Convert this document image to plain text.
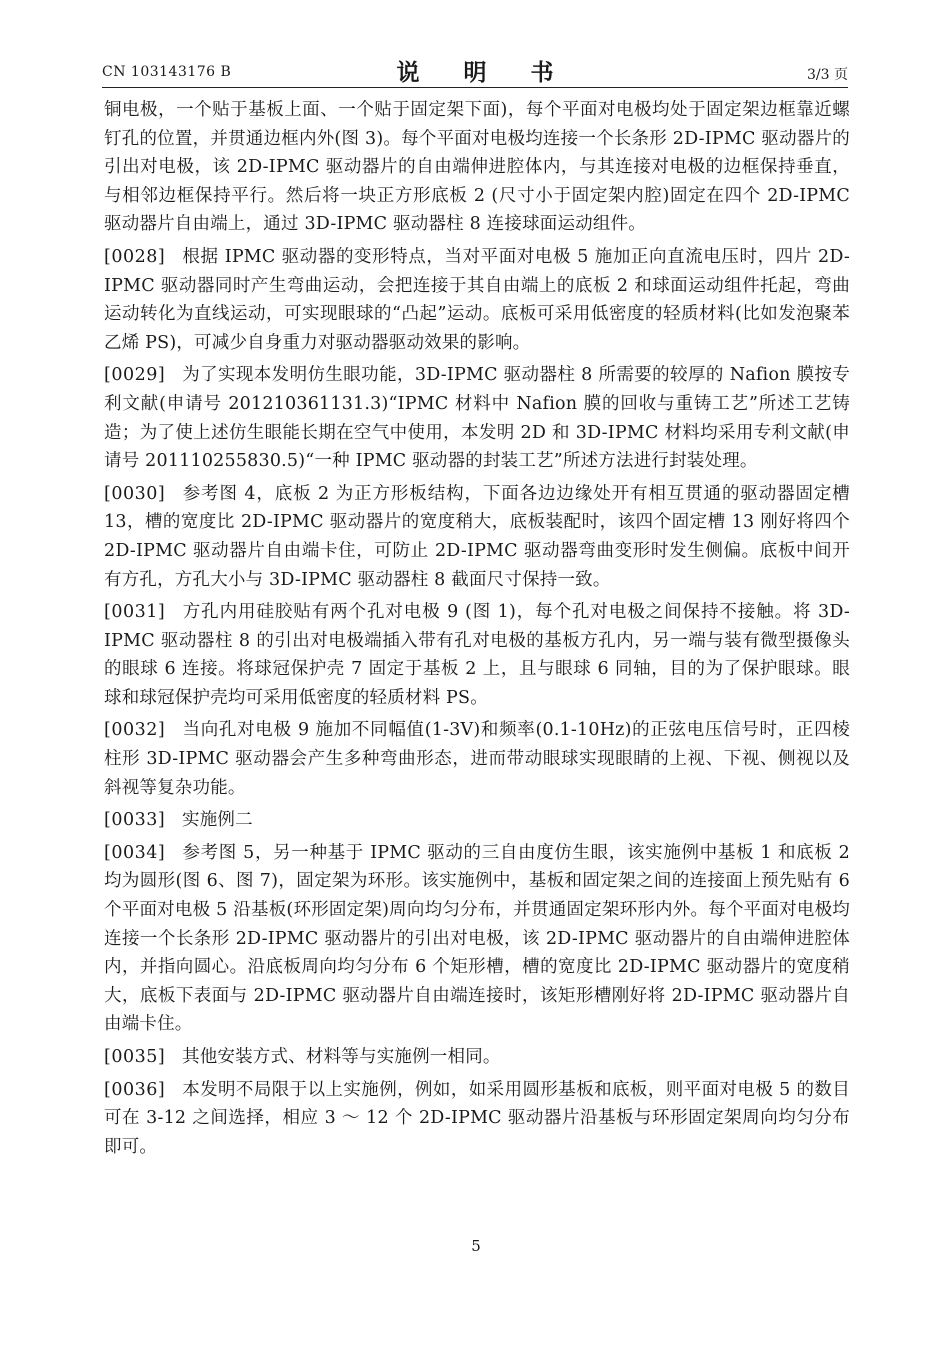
CN 103143176 B	说 明 书	3/3 页

铜电极，一个贴于基板上面、一个贴于固定架下面)，每个平面对电极均处于固定架边框靠近螺钉孔的位置，并贯通边框内外(图 3)。每个平面对电极均连接一个长条形 2D-IPMC 驱动器片的引出对电极，该 2D-IPMC 驱动器片的自由端伸进腔体内，与其连接对电极的边框保持垂直，与相邻边框保持平行。然后将一块正方形底板 2 (尺寸小于固定架内腔)固定在四个 2D-IPMC 驱动器片自由端上，通过 3D-IPMC 驱动器柱 8 连接球面运动组件。

[0028] 根据 IPMC 驱动器的变形特点，当对平面对电极 5 施加正向直流电压时，四片 2D-IPMC 驱动器同时产生弯曲运动，会把连接于其自由端上的底板 2 和球面运动组件托起，弯曲运动转化为直线运动，可实现眼球的“凸起”运动。底板可采用低密度的轻质材料(比如发泡聚苯乙烯 PS)，可减少自身重力对驱动器驱动效果的影响。

[0029] 为了实现本发明仿生眼功能，3D-IPMC 驱动器柱 8 所需要的较厚的 Nafion 膜按专利文献(申请号 201210361131.3)“IPMC 材料中 Nafion 膜的回收与重铸工艺”所述工艺铸造；为了使上述仿生眼能长期在空气中使用，本发明 2D 和 3D-IPMC 材料均采用专利文献(申请号 201110255830.5)“一种 IPMC 驱动器的封装工艺”所述方法进行封装处理。

[0030] 参考图 4，底板 2 为正方形板结构，下面各边边缘处开有相互贯通的驱动器固定槽 13，槽的宽度比 2D-IPMC 驱动器片的宽度稍大，底板装配时，该四个固定槽 13 刚好将四个 2D-IPMC 驱动器片自由端卡住，可防止 2D-IPMC 驱动器弯曲变形时发生侧偏。底板中间开有方孔，方孔大小与 3D-IPMC 驱动器柱 8 截面尺寸保持一致。

[0031] 方孔内用硅胶贴有两个孔对电极 9 (图 1)，每个孔对电极之间保持不接触。将 3D-IPMC 驱动器柱 8 的引出对电极端插入带有孔对电极的基板方孔内，另一端与装有微型摄像头的眼球 6 连接。将球冠保护壳 7 固定于基板 2 上，且与眼球 6 同轴，目的为了保护眼球。眼球和球冠保护壳均可采用低密度的轻质材料 PS。

[0032] 当向孔对电极 9 施加不同幅值(1-3V)和频率(0.1-10Hz)的正弦电压信号时，正四棱柱形 3D-IPMC 驱动器会产生多种弯曲形态，进而带动眼球实现眼睛的上视、下视、侧视以及斜视等复杂功能。

[0033] 实施例二

[0034] 参考图 5，另一种基于 IPMC 驱动的三自由度仿生眼，该实施例中基板 1 和底板 2 均为圆形(图 6、图 7)，固定架为环形。该实施例中，基板和固定架之间的连接面上预先贴有 6 个平面对电极 5 沿基板(环形固定架)周向均匀分布，并贯通固定架环形内外。每个平面对电极均连接一个长条形 2D-IPMC 驱动器片的引出对电极，该 2D-IPMC 驱动器片的自由端伸进腔体内，并指向圆心。沿底板周向均匀分布 6 个矩形槽，槽的宽度比 2D-IPMC 驱动器片的宽度稍大，底板下表面与 2D-IPMC 驱动器片自由端连接时，该矩形槽刚好将 2D-IPMC 驱动器片自由端卡住。

[0035] 其他安装方式、材料等与实施例一相同。

[0036] 本发明不局限于以上实施例，例如，如采用圆形基板和底板，则平面对电极 5 的数目可在 3-12 之间选择，相应 3 ～ 12 个 2D-IPMC 驱动器片沿基板与环形固定架周向均匀分布即可。

5
